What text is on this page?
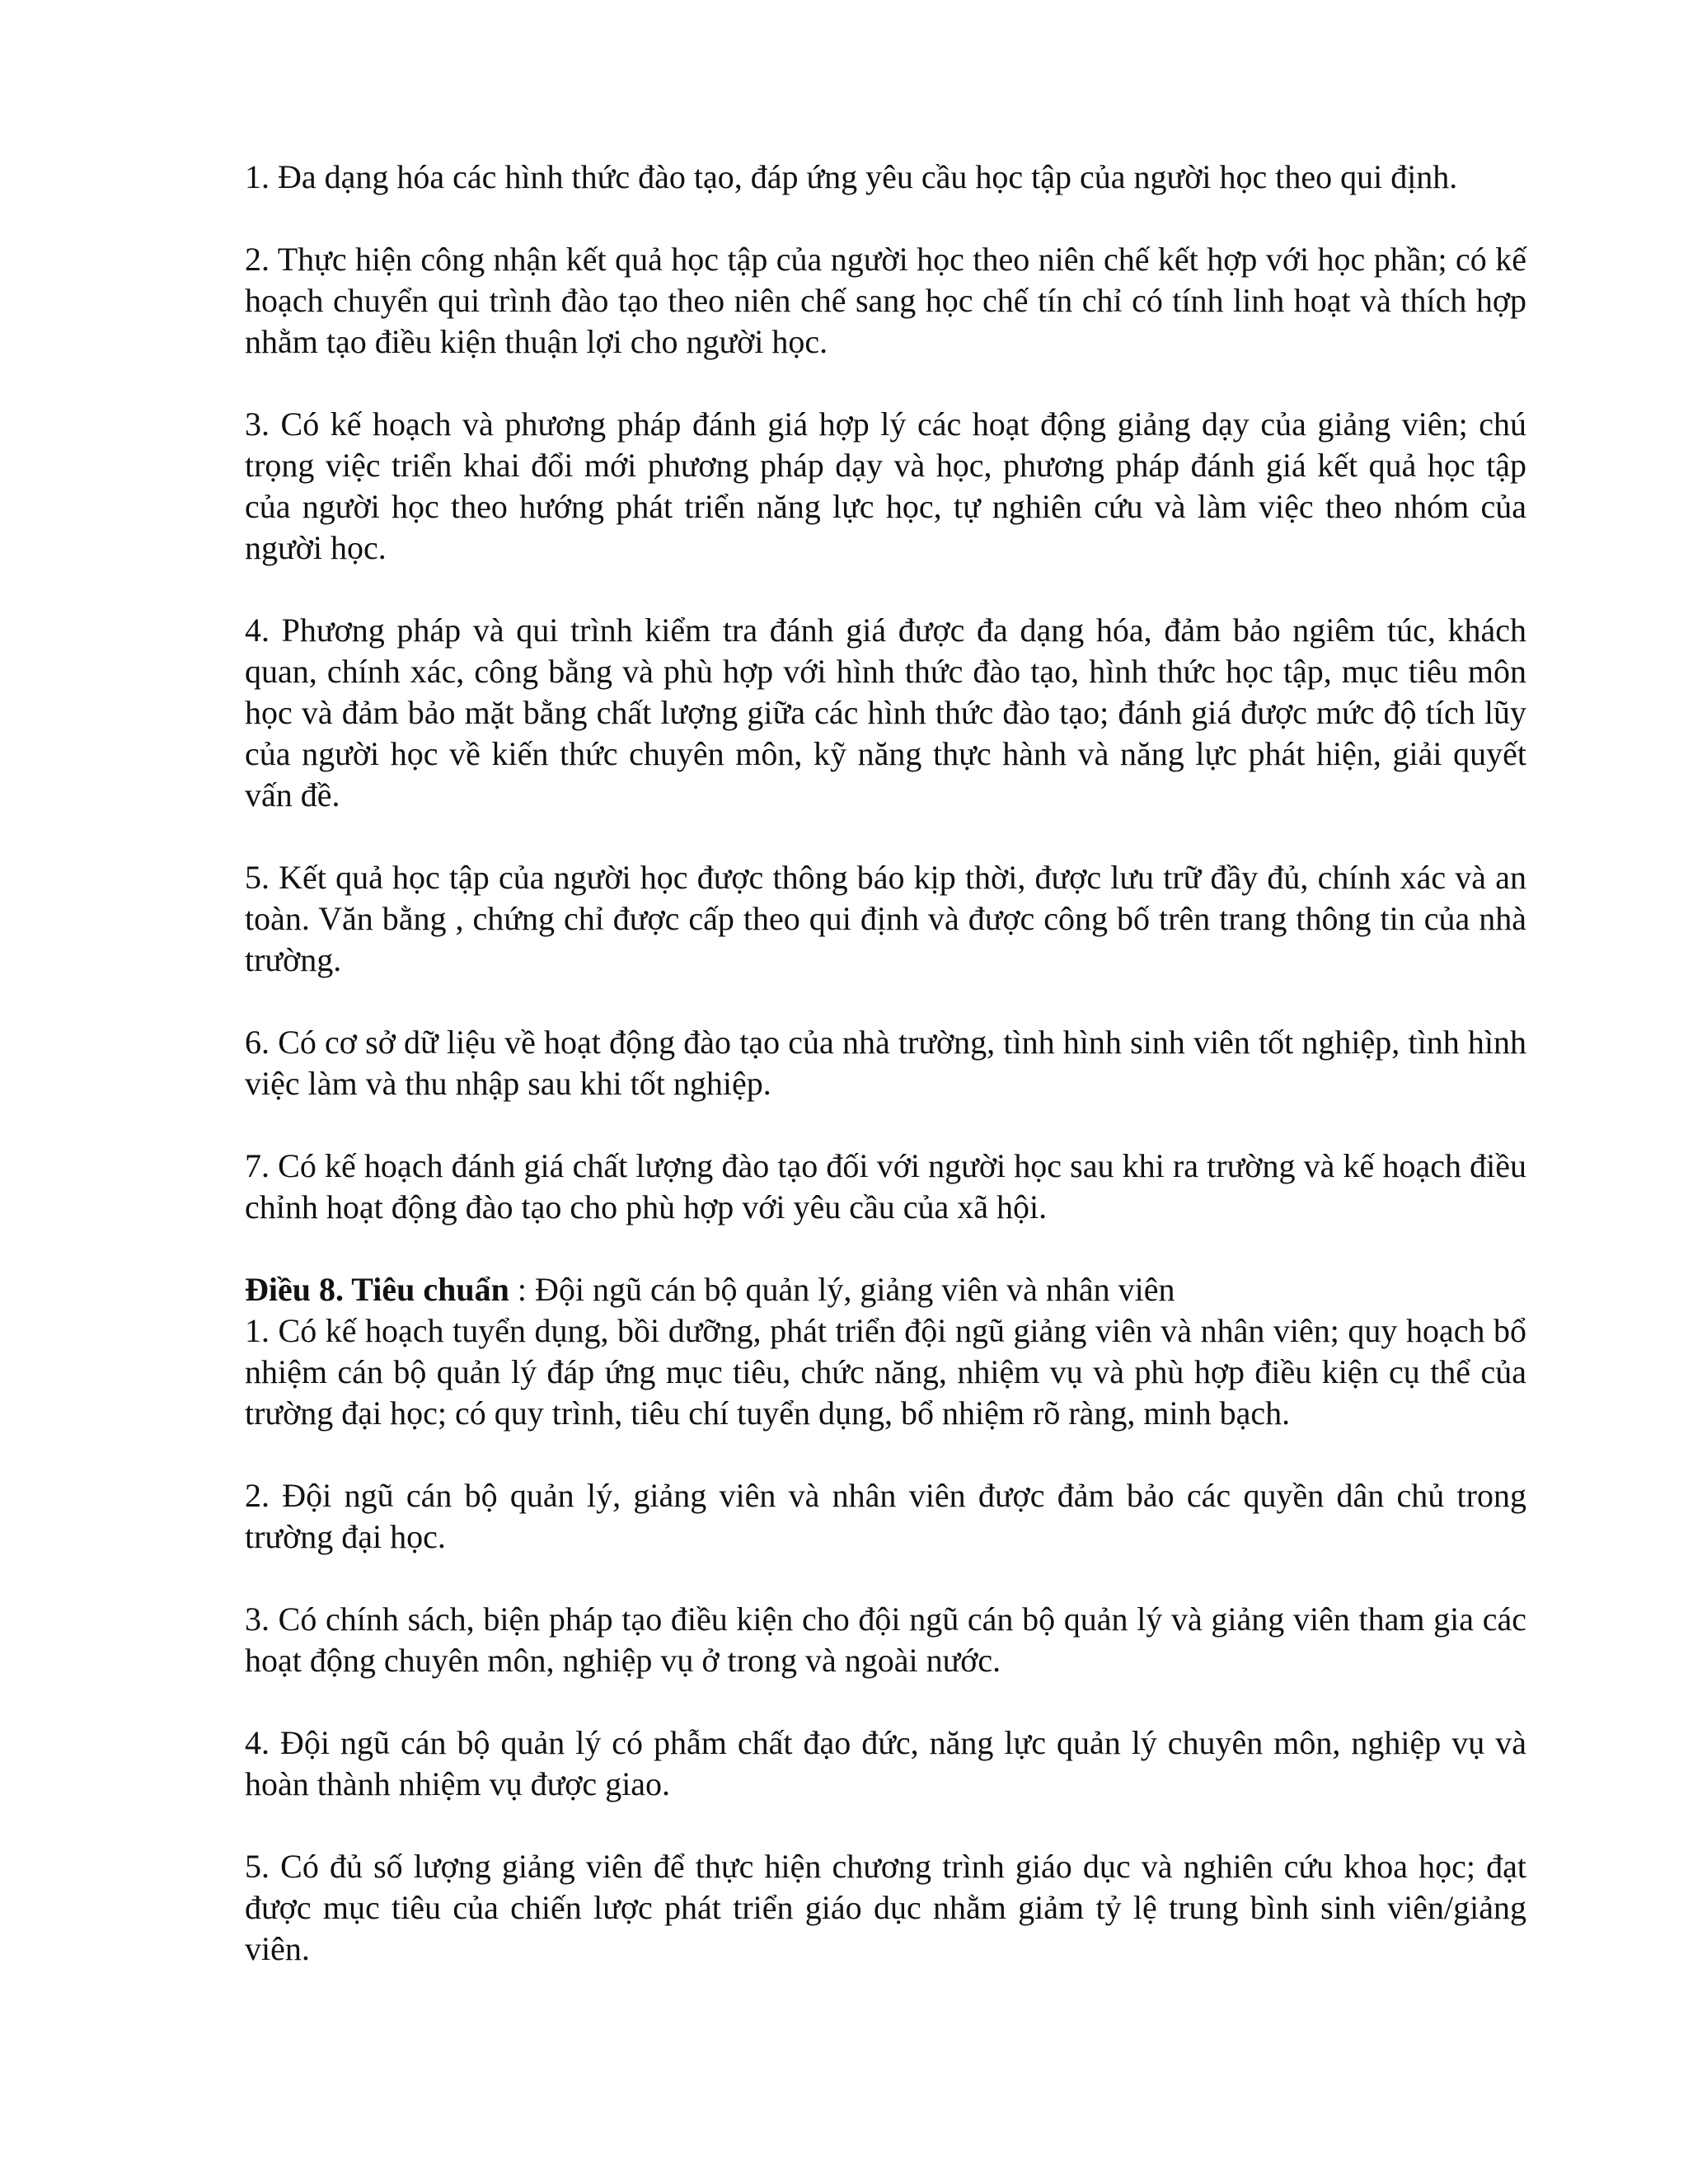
1. Đa dạng hóa các hình thức đào tạo, đáp ứng yêu cầu học tập của người học theo qui định.

2. Thực hiện công nhận kết quả học tập của người học theo niên chế kết hợp với học phần; có kế hoạch chuyển qui trình đào tạo theo niên chế sang học chế tín chỉ có tính linh hoạt và thích hợp nhằm tạo điều kiện thuận lợi cho người học.

3. Có kế hoạch và phương pháp đánh giá hợp lý các hoạt động giảng dạy của giảng viên; chú trọng việc triển khai đổi mới phương pháp dạy và học, phương pháp đánh giá kết quả học tập của người học theo hướng phát triển năng lực học, tự nghiên cứu và làm việc theo nhóm của người học.

4. Phương pháp và qui trình kiểm tra đánh giá được đa dạng hóa, đảm bảo ngiêm túc, khách quan, chính xác, công bằng và phù hợp với hình thức đào tạo, hình thức học tập, mục tiêu môn học và đảm bảo mặt bằng chất lượng giữa các hình thức đào tạo; đánh giá được mức độ tích lũy của người học về kiến thức chuyên môn, kỹ năng thực hành và năng lực phát hiện, giải quyết vấn đề.

5. Kết quả học tập của người học được thông báo kịp thời, được lưu trữ đầy đủ, chính xác và an toàn. Văn bằng , chứng chỉ được cấp theo qui định và được công bố trên trang thông tin của nhà trường.

6. Có cơ sở dữ liệu về hoạt động đào tạo của nhà trường, tình hình sinh viên tốt nghiệp, tình hình việc làm và thu nhập sau khi tốt nghiệp.

7. Có kế hoạch đánh giá chất lượng đào tạo đối với người học sau khi ra trường và kế hoạch điều chỉnh hoạt động đào tạo cho phù hợp với yêu cầu của xã hội.

Điều 8. Tiêu chuẩn : Đội ngũ cán bộ quản lý, giảng viên và nhân viên

1. Có kế hoạch tuyển dụng, bồi dưỡng, phát triển đội ngũ giảng viên và nhân viên; quy hoạch bổ nhiệm cán bộ quản lý đáp ứng mục tiêu, chức năng, nhiệm vụ và phù hợp điều kiện cụ thể của trường đại học; có quy trình, tiêu chí tuyển dụng, bổ nhiệm rõ ràng, minh bạch.

2. Đội ngũ cán bộ quản lý, giảng viên và nhân viên được đảm bảo các quyền dân chủ trong trường đại học.

3. Có chính sách, biện pháp tạo điều kiện cho đội ngũ cán bộ quản lý và giảng viên tham gia các hoạt động chuyên môn, nghiệp vụ ở trong và ngoài nước.

4. Đội ngũ cán bộ quản lý có phẫm chất đạo đức, năng lực quản lý chuyên môn, nghiệp vụ và hoàn thành nhiệm vụ được giao.

5. Có đủ số lượng giảng viên để thực hiện chương trình giáo dục và nghiên cứu khoa học; đạt được mục tiêu của chiến lược phát triển giáo dục nhằm giảm tỷ lệ trung bình sinh viên/giảng viên.
